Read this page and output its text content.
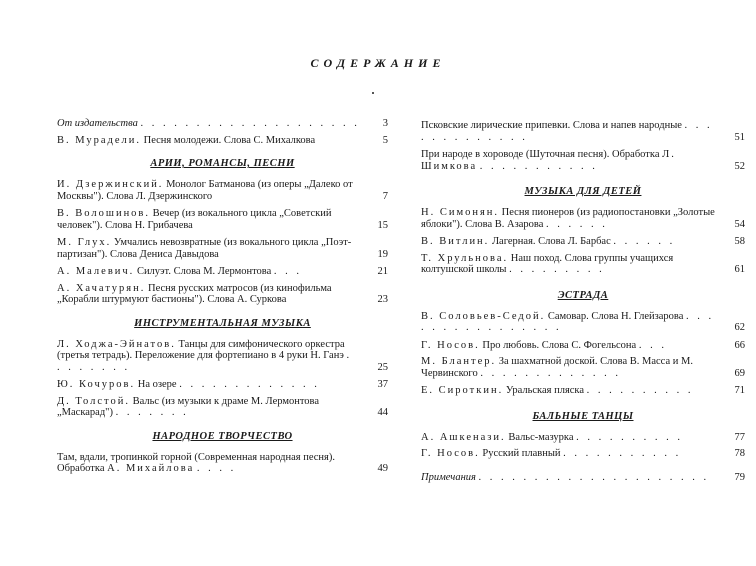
СОДЕРЖАНИЕ
От издательства . . . . . . . . . . . . . . . . . . . .	3
В. Мурадели. Песня молодежи. Слова С. Михалкова	5
АРИИ, РОМАНСЫ, ПЕСНИ
И. Дзержинский. Монолог Батманова (из оперы „Далеко от Москвы"). Слова Л. Дзержинского	7
В. Волошинов. Вечер (из вокального цикла „Советский человек"). Слова Н. Грибачева	15
М. Глух. Умчались невозвратные (из вокального цикла „Поэт-партизан"). Слова Дениса Давыдова	19
А. Малевич. Силуэт. Слова М. Лермонтова . . .	21
А. Хачатурян. Песня русских матросов (из кинофильма „Корабли штурмуют бастионы"). Слова А. Суркова	23
ИНСТРУМЕНТАЛЬНАЯ МУЗЫКА
Л. Ходжа-Эйнатов. Танцы для симфонического оркестра (третья тетрадь). Переложение для фортепиано в 4 руки Н. Ганэ . . . . . . . .	25
Ю. Кочуров. На озере . . . . . . . . . . . . .	37
Д. Толстой. Вальс (из музыки к драме М. Лермонтова „Маскарад") . . . . . . .	44
НАРОДНОЕ ТВОРЧЕСТВО
Там, вдали, тропинкой горной (Современная народная песня). Обработка А. Михайлова . . . .	49
Псковские лирические припевки. Слова и напев народные . . . . . . . . . . . . .	51
При народе в хороводе (Шуточная песня). Обработка Л. Шимкова . . . . . . . . . . .	52
МУЗЫКА ДЛЯ ДЕТЕЙ
Н. Симонян. Песня пионеров (из радиопостановки „Золотые яблоки"). Слова В. Азарова . . . . . .	54
В. Витлин. Лагерная. Слова Л. Барбас . . . . . .	58
Т. Хрульнова. Наш поход. Слова группы учащихся колтушской школы . . . . . . . . .	61
ЭСТРАДА
В. Соловьев-Седой. Самовар. Слова Н. Глейзарова . . . . . . . . . . . . . . . .	62
Г. Носов. Про любовь. Слова С. Фогельсона . . .	66
М. Блантер. За шахматной доской. Слова В. Масса и М. Червинского . . . . . . . . . . . . .	69
Е. Сироткин. Уральская пляска . . . . . . . . . .	71
БАЛЬНЫЕ ТАНЦЫ
А. Ашкенази. Вальс-мазурка . . . . . . . . . .	77
Г. Носов. Русский плавный . . . . . . . . . . .	78
Примечания . . . . . . . . . . . . . . . . . . . . .	79
